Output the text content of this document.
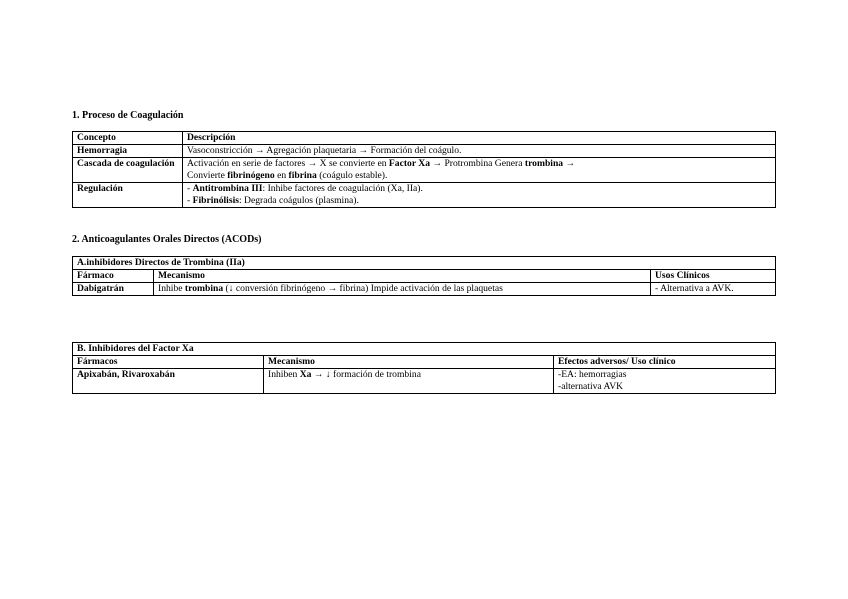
1. Proceso de Coagulación

Concepto	Descripción
Hemorragia	Vasoconstricción → Agregación plaquetaria → Formación del coágulo.
Cascada de coagulación	Activación en serie de factores → X se convierte en Factor Xa → Protrombina Genera trombina →
Convierte fibrinógeno en fibrina (coágulo estable).
Regulación	- Antitrombina III: Inhibe factores de coagulación (Xa, IIa).
- Fibrinólisis: Degrada coágulos (plasmina).

2. Anticoagulantes Orales Directos (ACODs)

A.inhibidores Directos de Trombina (IIa)		
Fármaco	Mecanismo	Usos Clínicos
Dabigatrán	Inhibe trombina (↓ conversión fibrinógeno → fibrina) Impide activación de las plaquetas	- Alternativa a AVK.
B. Inhibidores del Factor Xa		
Fármacos	Mecanismo	Efectos adversos/ Uso clínico
Apixabán, Rivaroxabán	Inhiben Xa → ↓ formación de trombina	-EA: hemorragias
-alternativa AVK
